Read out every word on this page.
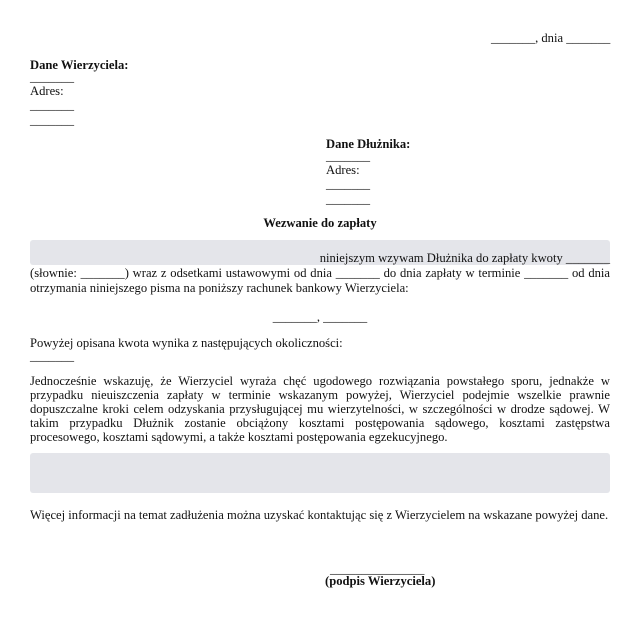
_______, dnia _______
Dane Wierzyciela:
_______
Adres:
_______
_______
Dane Dłużnika:
_______
Adres:
_______
_______
Wezwanie do zapłaty
niniejszym wzywam Dłużnika do zapłaty kwoty _______
(słownie: _______) wraz z odsetkami ustawowymi od dnia _______ do dnia zapłaty w terminie _______ od dnia
otrzymania niniejszego pisma na poniższy rachunek bankowy Wierzyciela:
_______, _______
Powyżej opisana kwota wynika z następujących okoliczności:
_______
Jednocześnie wskazuję, że Wierzyciel wyraża chęć ugodowego rozwiązania powstałego sporu, jednakże w
przypadku nieuiszczenia zapłaty w terminie wskazanym powyżej, Wierzyciel podejmie wszelkie prawnie
dopuszczalne kroki celem odzyskania przysługującej mu wierzytelności, w szczególności w drodze sądowej. W
takim przypadku Dłużnik zostanie obciążony kosztami postępowania sądowego, kosztami zastępstwa
procesowego, kosztami sądowymi, a także kosztami postępowania egzekucyjnego.
Więcej informacji na temat zadłużenia można uzyskać kontaktując się z Wierzycielem na wskazane powyżej dane.
_______________
(podpis Wierzyciela)
